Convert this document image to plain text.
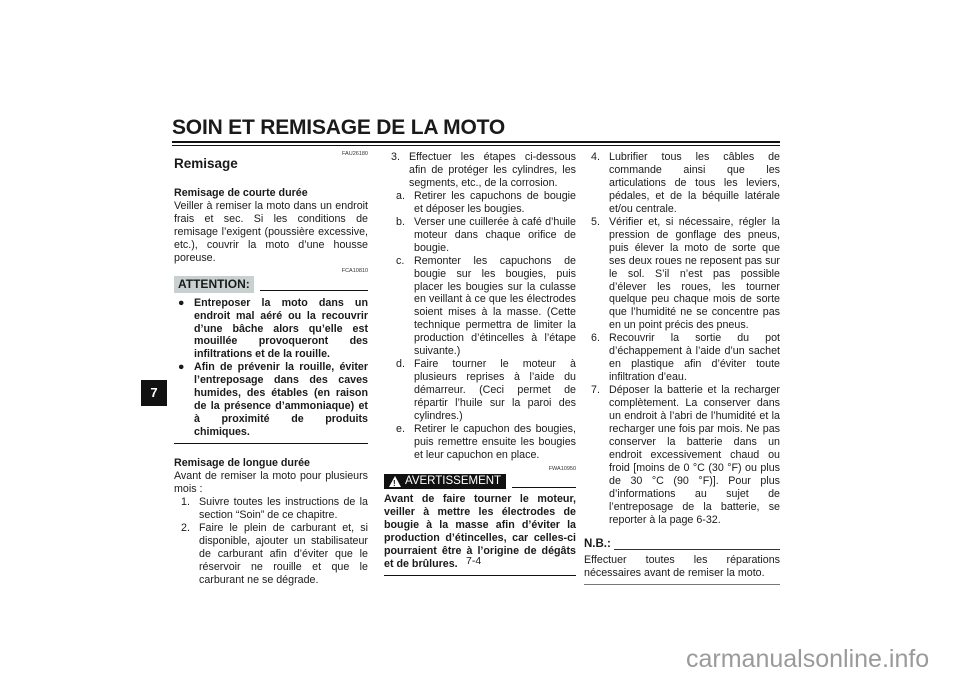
SOIN ET REMISAGE DE LA MOTO
FAU26180
Remisage

Remisage de courte durée

Veiller à remiser la moto dans un endroit frais et sec. Si les conditions de remisage l’exigent (poussière excessive, etc.), couvrir la moto d’une housse poreuse.

FCA10810
ATTENTION:
● Entreposer la moto dans un endroit mal aéré ou la recouvrir d’une bâche alors qu’elle est mouillée provoqueront des infiltrations et de la rouille.
● Afin de prévenir la rouille, éviter l’entreposage dans des caves humides, des étables (en raison de la présence d’ammoniaque) et à proximité de produits chimiques.

Remisage de longue durée

Avant de remiser la moto pour plusieurs mois :

1. Suivre toutes les instructions de la section “Soin” de ce chapitre.
2. Faire le plein de carburant et, si disponible, ajouter un stabilisateur de carburant afin d’éviter que le réservoir ne rouille et que le carburant ne se dégrade.
3. Effectuer les étapes ci-dessous afin de protéger les cylindres, les segments, etc., de la corrosion.
a. Retirer les capuchons de bougie et déposer les bougies.
b. Verser une cuillerée à café d’huile moteur dans chaque orifice de bougie.
c. Remonter les capuchons de bougie sur les bougies, puis placer les bougies sur la culasse en veillant à ce que les électrodes soient mises à la masse. (Cette technique permettra de limiter la production d’étincelles à l’étape suivante.)
d. Faire tourner le moteur à plusieurs reprises à l’aide du démarreur. (Ceci permet de répartir l’huile sur la paroi des cylindres.)
e. Retirer le capuchon des bougies, puis remettre ensuite les bougies et leur capuchon en place.
FWA10950
! AVERTISSEMENT

Avant de faire tourner le moteur, veiller à mettre les électrodes de bougie à la masse afin d’éviter la production d’étincelles, car celles-ci pourraient être à l’origine de dégâts et de brûlures.

4. Lubrifier tous les câbles de commande ainsi que les articulations de tous les leviers, pédales, et de la béquille latérale et/ou centrale.
5. Vérifier et, si nécessaire, régler la pression de gonflage des pneus, puis élever la moto de sorte que ses deux roues ne reposent pas sur le sol. S’il n’est pas possible d’élever les roues, les tourner quelque peu chaque mois de sorte que l’humidité ne se concentre pas en un point précis des pneus.
6. Recouvrir la sortie du pot d’échappement à l’aide d’un sachet en plastique afin d’éviter toute infiltration d’eau.
7. Déposer la batterie et la recharger complètement. La conserver dans un endroit à l’abri de l’humidité et la recharger une fois par mois. Ne pas conserver la batterie dans un endroit excessivement chaud ou froid [moins de 0 °C (30 °F) ou plus de 30 °C (90 °F)]. Pour plus d’informations au sujet de l’entreposage de la batterie, se reporter à la page 6-32.
N.B.:

Effectuer toutes les réparations nécessaires avant de remiser la moto.

7
7-4
carmanualsonline.info
